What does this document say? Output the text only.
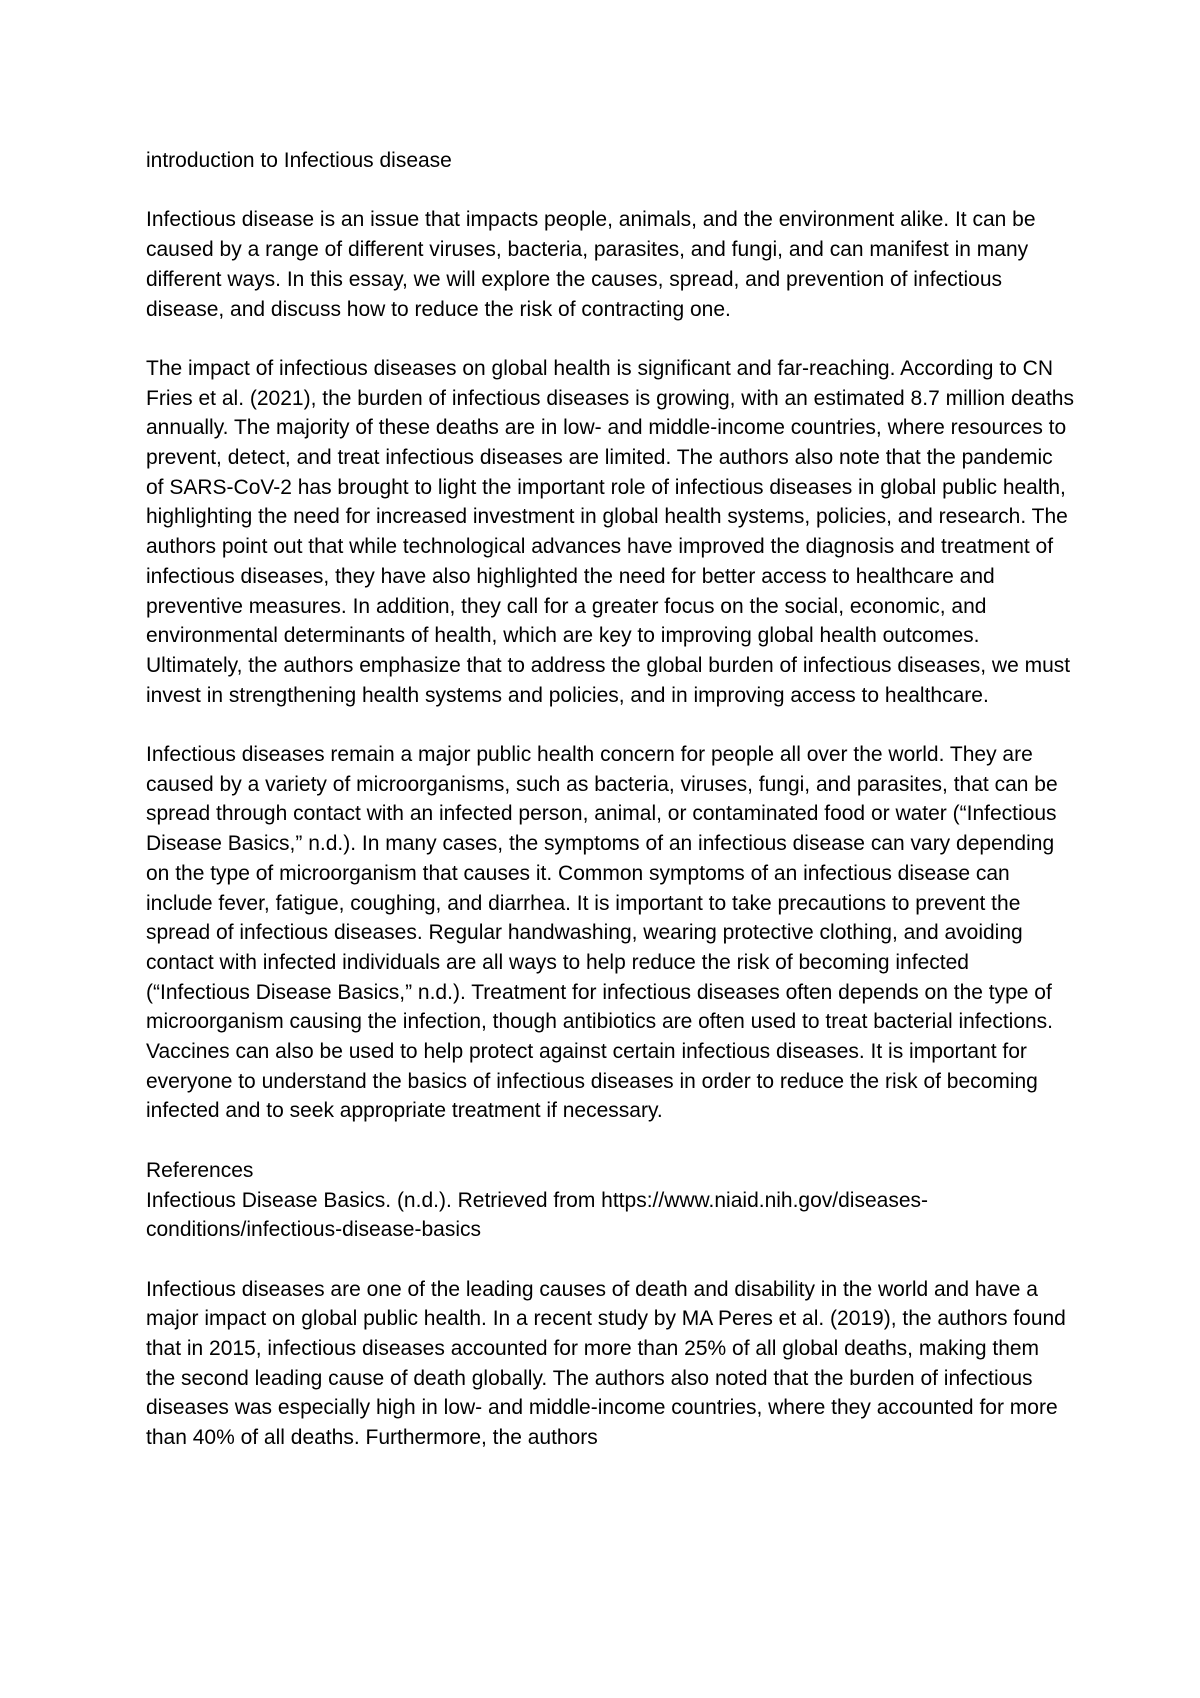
introduction to Infectious disease

Infectious disease is an issue that impacts people, animals, and the environment alike. It can be caused by a range of different viruses, bacteria, parasites, and fungi, and can manifest in many different ways. In this essay, we will explore the causes, spread, and prevention of infectious disease, and discuss how to reduce the risk of contracting one.

The impact of infectious diseases on global health is significant and far-reaching. According to CN Fries et al. (2021), the burden of infectious diseases is growing, with an estimated 8.7 million deaths annually. The majority of these deaths are in low- and middle-income countries, where resources to prevent, detect, and treat infectious diseases are limited. The authors also note that the pandemic of SARS-CoV-2 has brought to light the important role of infectious diseases in global public health, highlighting the need for increased investment in global health systems, policies, and research. The authors point out that while technological advances have improved the diagnosis and treatment of infectious diseases, they have also highlighted the need for better access to healthcare and preventive measures. In addition, they call for a greater focus on the social, economic, and environmental determinants of health, which are key to improving global health outcomes. Ultimately, the authors emphasize that to address the global burden of infectious diseases, we must invest in strengthening health systems and policies, and in improving access to healthcare.

Infectious diseases remain a major public health concern for people all over the world. They are caused by a variety of microorganisms, such as bacteria, viruses, fungi, and parasites, that can be spread through contact with an infected person, animal, or contaminated food or water (“Infectious Disease Basics,” n.d.). In many cases, the symptoms of an infectious disease can vary depending on the type of microorganism that causes it. Common symptoms of an infectious disease can include fever, fatigue, coughing, and diarrhea. It is important to take precautions to prevent the spread of infectious diseases. Regular handwashing, wearing protective clothing, and avoiding contact with infected individuals are all ways to help reduce the risk of becoming infected (“Infectious Disease Basics,” n.d.). Treatment for infectious diseases often depends on the type of microorganism causing the infection, though antibiotics are often used to treat bacterial infections. Vaccines can also be used to help protect against certain infectious diseases. It is important for everyone to understand the basics of infectious diseases in order to reduce the risk of becoming infected and to seek appropriate treatment if necessary.

References

Infectious Disease Basics. (n.d.). Retrieved from https://www.niaid.nih.gov/diseases-conditions/infectious-disease-basics

Infectious diseases are one of the leading causes of death and disability in the world and have a major impact on global public health. In a recent study by MA Peres et al. (2019), the authors found that in 2015, infectious diseases accounted for more than 25% of all global deaths, making them the second leading cause of death globally. The authors also noted that the burden of infectious diseases was especially high in low- and middle-income countries, where they accounted for more than 40% of all deaths. Furthermore, the authors
